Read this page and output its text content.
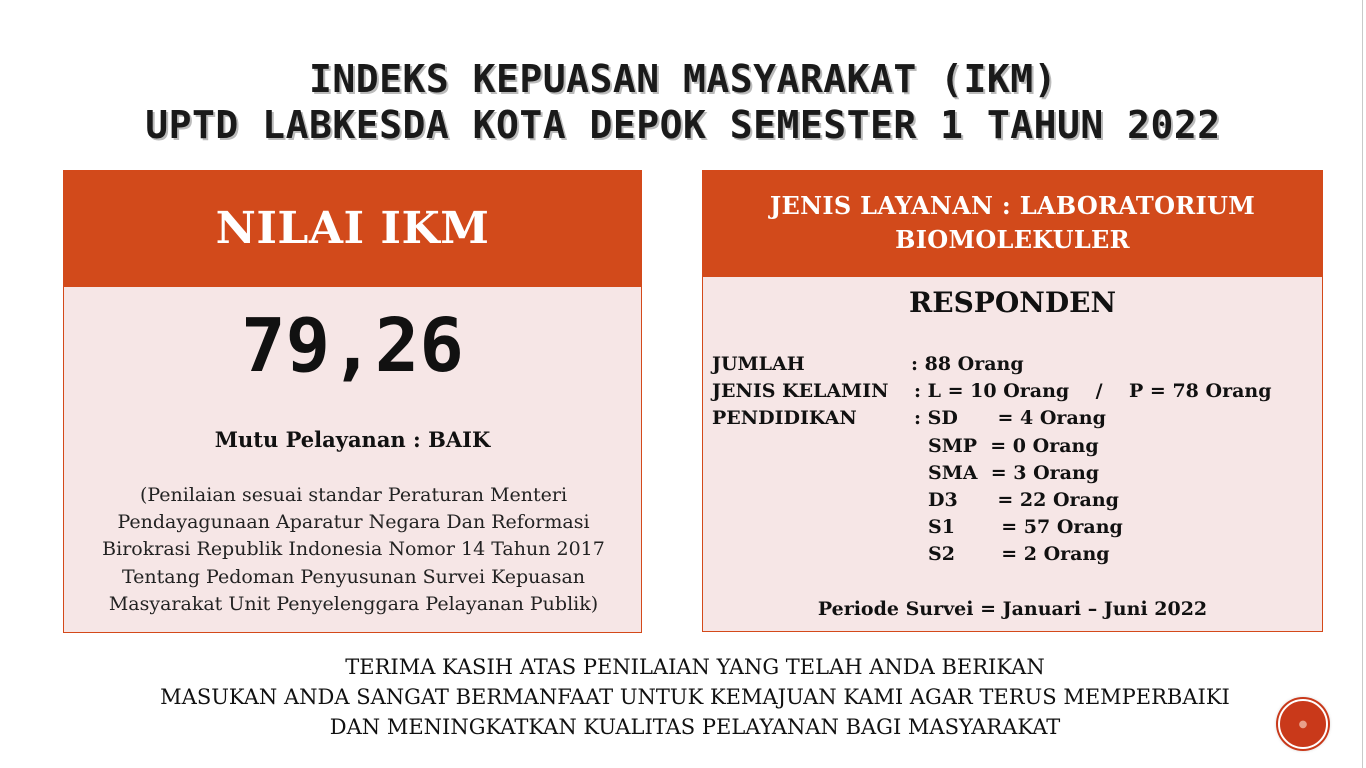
INDEKS KEPUASAN MASYARAKAT (IKM)
UPTD LABKESDA KOTA DEPOK SEMESTER 1 TAHUN 2022
NILAI IKM
79,26
Mutu Pelayanan : BAIK
(Penilaian sesuai standar Peraturan Menteri
Pendayagunaan Aparatur Negara Dan Reformasi
Birokrasi Republik Indonesia Nomor 14 Tahun 2017
Tentang Pedoman Penyusunan Survei Kepuasan
Masyarakat Unit Penyelenggara Pelayanan Publik)
JENIS LAYANAN : LABORATORIUM
BIOMOLEKULER
RESPONDEN
JUMLAH	: 88 Orang
JENIS KELAMIN : L = 10 Orang    /    P = 78 Orang
PENDIDIKAN	: SD      = 4 Orang
SMP  = 0 Orang
SMA  = 3 Orang
D3      = 22 Orang
S1       = 57 Orang
S2       = 2 Orang
Periode Survei = Januari – Juni 2022
TERIMA KASIH ATAS PENILAIAN YANG TELAH ANDA BERIKAN
MASUKAN ANDA SANGAT BERMANFAAT UNTUK KEMAJUAN KAMI AGAR TERUS MEMPERBAIKI
DAN MENINGKATKAN KUALITAS PELAYANAN BAGI MASYARAKAT	●
